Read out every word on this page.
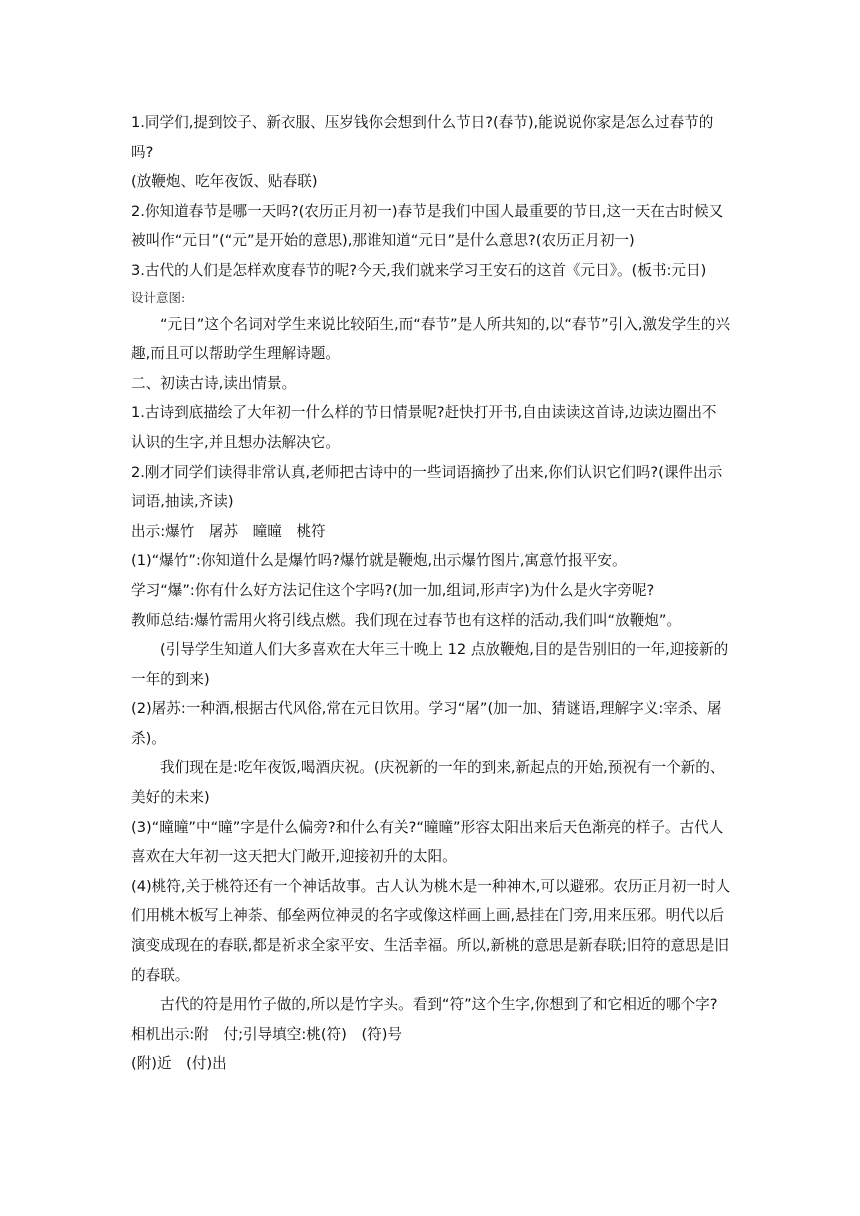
1.同学们,提到饺子、新衣服、压岁钱你会想到什么节日?(春节),能说说你家是怎么过春节的吗?

(放鞭炮、吃年夜饭、贴春联)

2.你知道春节是哪一天吗?(农历正月初一)春节是我们中国人最重要的节日,这一天在古时候又被叫作“元日”(“元”是开始的意思),那谁知道“元日”是什么意思?(农历正月初一)

3.古代的人们是怎样欢度春节的呢?今天,我们就来学习王安石的这首《元日》。(板书:元日)

设计意图:

“元日”这个名词对学生来说比较陌生,而“春节”是人所共知的,以“春节”引入,激发学生的兴趣,而且可以帮助学生理解诗题。

二、初读古诗,读出情景。

1.古诗到底描绘了大年初一什么样的节日情景呢?赶快打开书,自由读读这首诗,边读边圈出不认识的生字,并且想办法解决它。

2.刚才同学们读得非常认真,老师把古诗中的一些词语摘抄了出来,你们认识它们吗?(课件出示词语,抽读,齐读)

出示:爆竹　屠苏　曈曈　桃符

(1)“爆竹”:你知道什么是爆竹吗?爆竹就是鞭炮,出示爆竹图片,寓意竹报平安。

学习“爆”:你有什么好方法记住这个字吗?(加一加,组词,形声字)为什么是火字旁呢?

教师总结:爆竹需用火将引线点燃。我们现在过春节也有这样的活动,我们叫“放鞭炮”。

(引导学生知道人们大多喜欢在大年三十晚上 12 点放鞭炮,目的是告别旧的一年,迎接新的一年的到来)

(2)屠苏:一种酒,根据古代风俗,常在元日饮用。学习“屠”(加一加、猜谜语,理解字义:宰杀、屠杀)。

我们现在是:吃年夜饭,喝酒庆祝。(庆祝新的一年的到来,新起点的开始,预祝有一个新的、美好的未来)

(3)“曈曈”中“曈”字是什么偏旁?和什么有关?“曈曈”形容太阳出来后天色渐亮的样子。古代人喜欢在大年初一这天把大门敞开,迎接初升的太阳。

(4)桃符,关于桃符还有一个神话故事。古人认为桃木是一种神木,可以避邪。农历正月初一时人们用桃木板写上神荼、郁垒两位神灵的名字或像这样画上画,悬挂在门旁,用来压邪。明代以后演变成现在的春联,都是祈求全家平安、生活幸福。所以,新桃的意思是新春联;旧符的意思是旧的春联。

古代的符是用竹子做的,所以是竹字头。看到“符”这个生字,你想到了和它相近的哪个字?

相机出示:附　付;引导填空:桃(符)　(符)号

(附)近　(付)出
